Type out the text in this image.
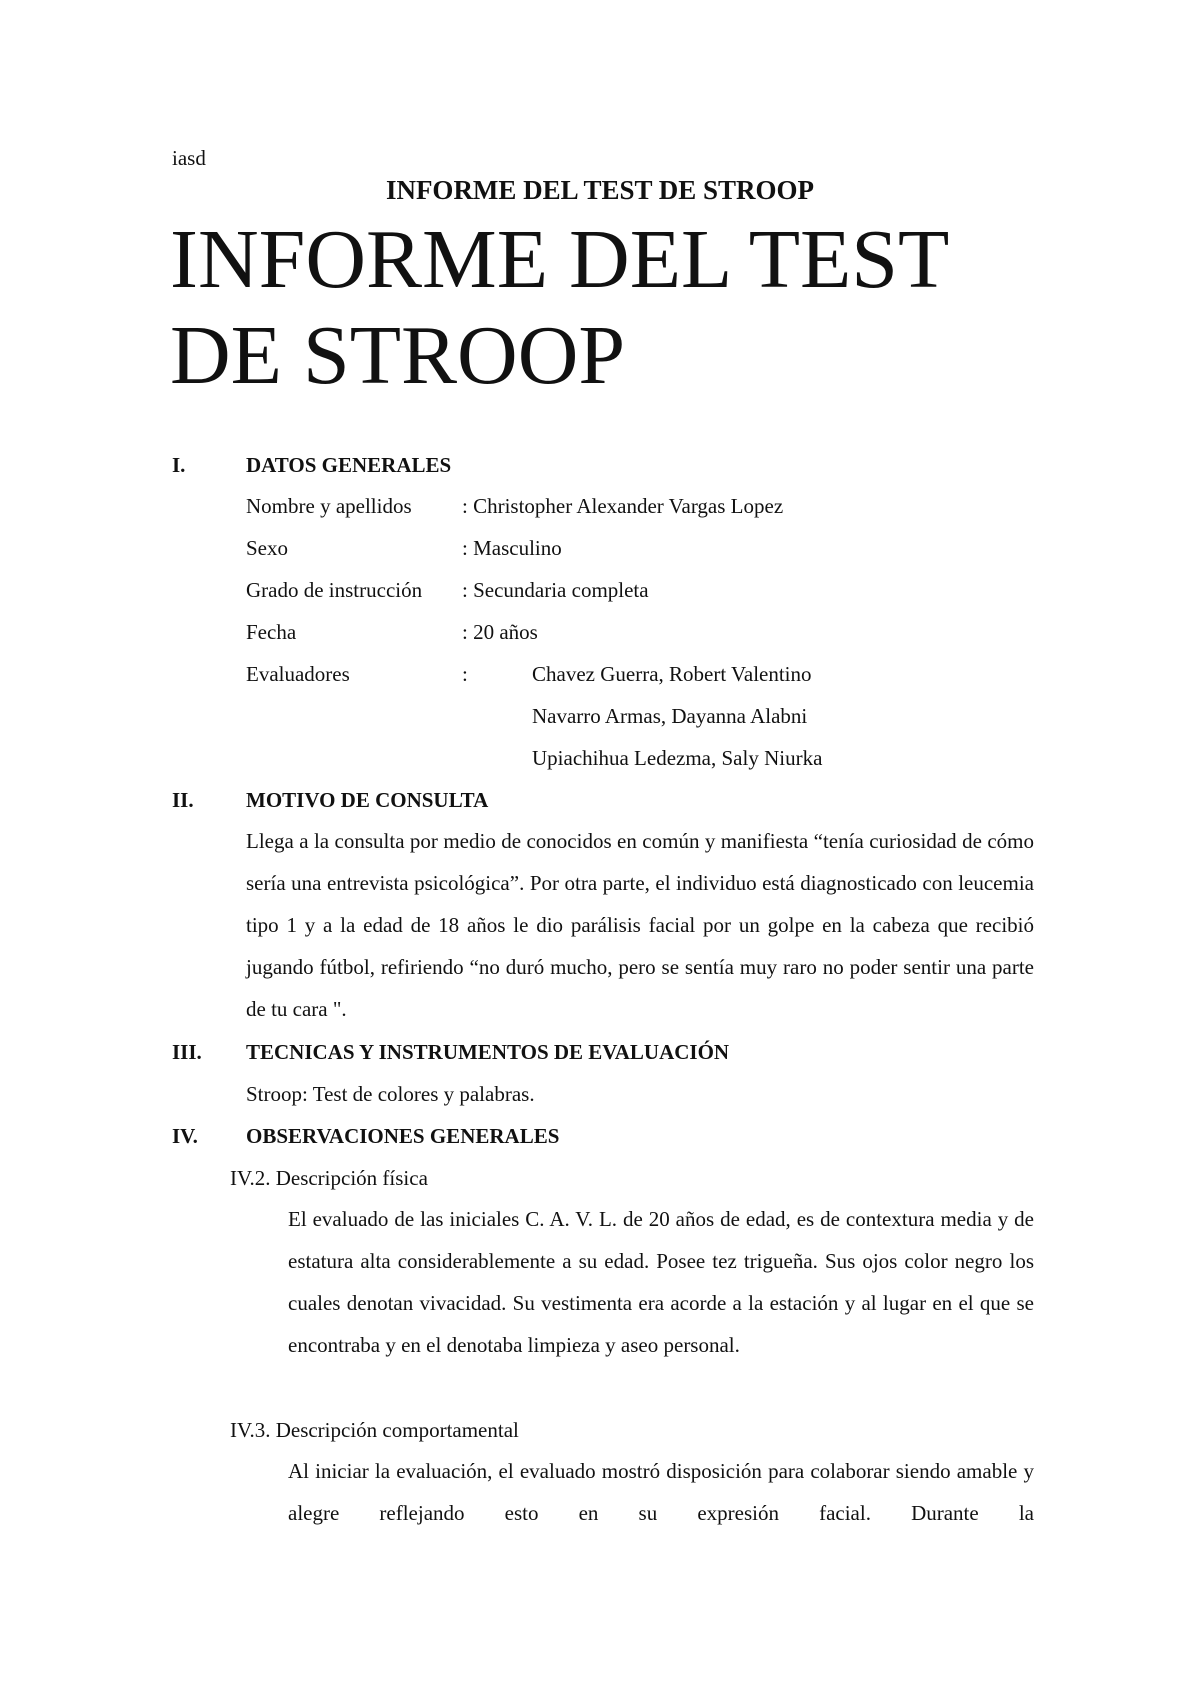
iasd
INFORME DEL TEST DE STROOP
INFORME DEL TEST DE STROOP
I.	DATOS GENERALES
Nombre y apellidos : Christopher Alexander Vargas Lopez
Sexo	: Masculino
Grado de instrucción : Secundaria completa
Fecha	: 20 años
Evaluadores	:	Chavez Guerra, Robert Valentino
Navarro Armas, Dayanna Alabni
Upiachihua Ledezma, Saly Niurka
II. MOTIVO DE CONSULTA

Llega a la consulta por medio de conocidos en común y manifiesta “tenía curiosidad de cómo sería una entrevista psicológica”. Por otra parte, el individuo está diagnosticado con leucemia tipo 1 y a la edad de 18 años le dio parálisis facial por un golpe en la cabeza que recibió jugando fútbol, refiriendo “no duró mucho, pero se sentía muy raro no poder sentir una parte de tu cara ".

III. TECNICAS Y INSTRUMENTOS DE EVALUACIÓN
Stroop: Test de colores y palabras.
IV. OBSERVACIONES GENERALES
IV.2. Descripción física

El evaluado de las iniciales C. A. V. L. de 20 años de edad, es de contextura media y de estatura alta considerablemente a su edad. Posee tez trigueña. Sus ojos color negro los cuales denotan vivacidad. Su vestimenta era acorde a la estación y al lugar en el que se encontraba y en el denotaba limpieza y aseo personal.

IV.3. Descripción comportamental

Al iniciar la evaluación, el evaluado mostró disposición para colaborar siendo amable y alegre reflejando esto en su expresión facial. Durante la
